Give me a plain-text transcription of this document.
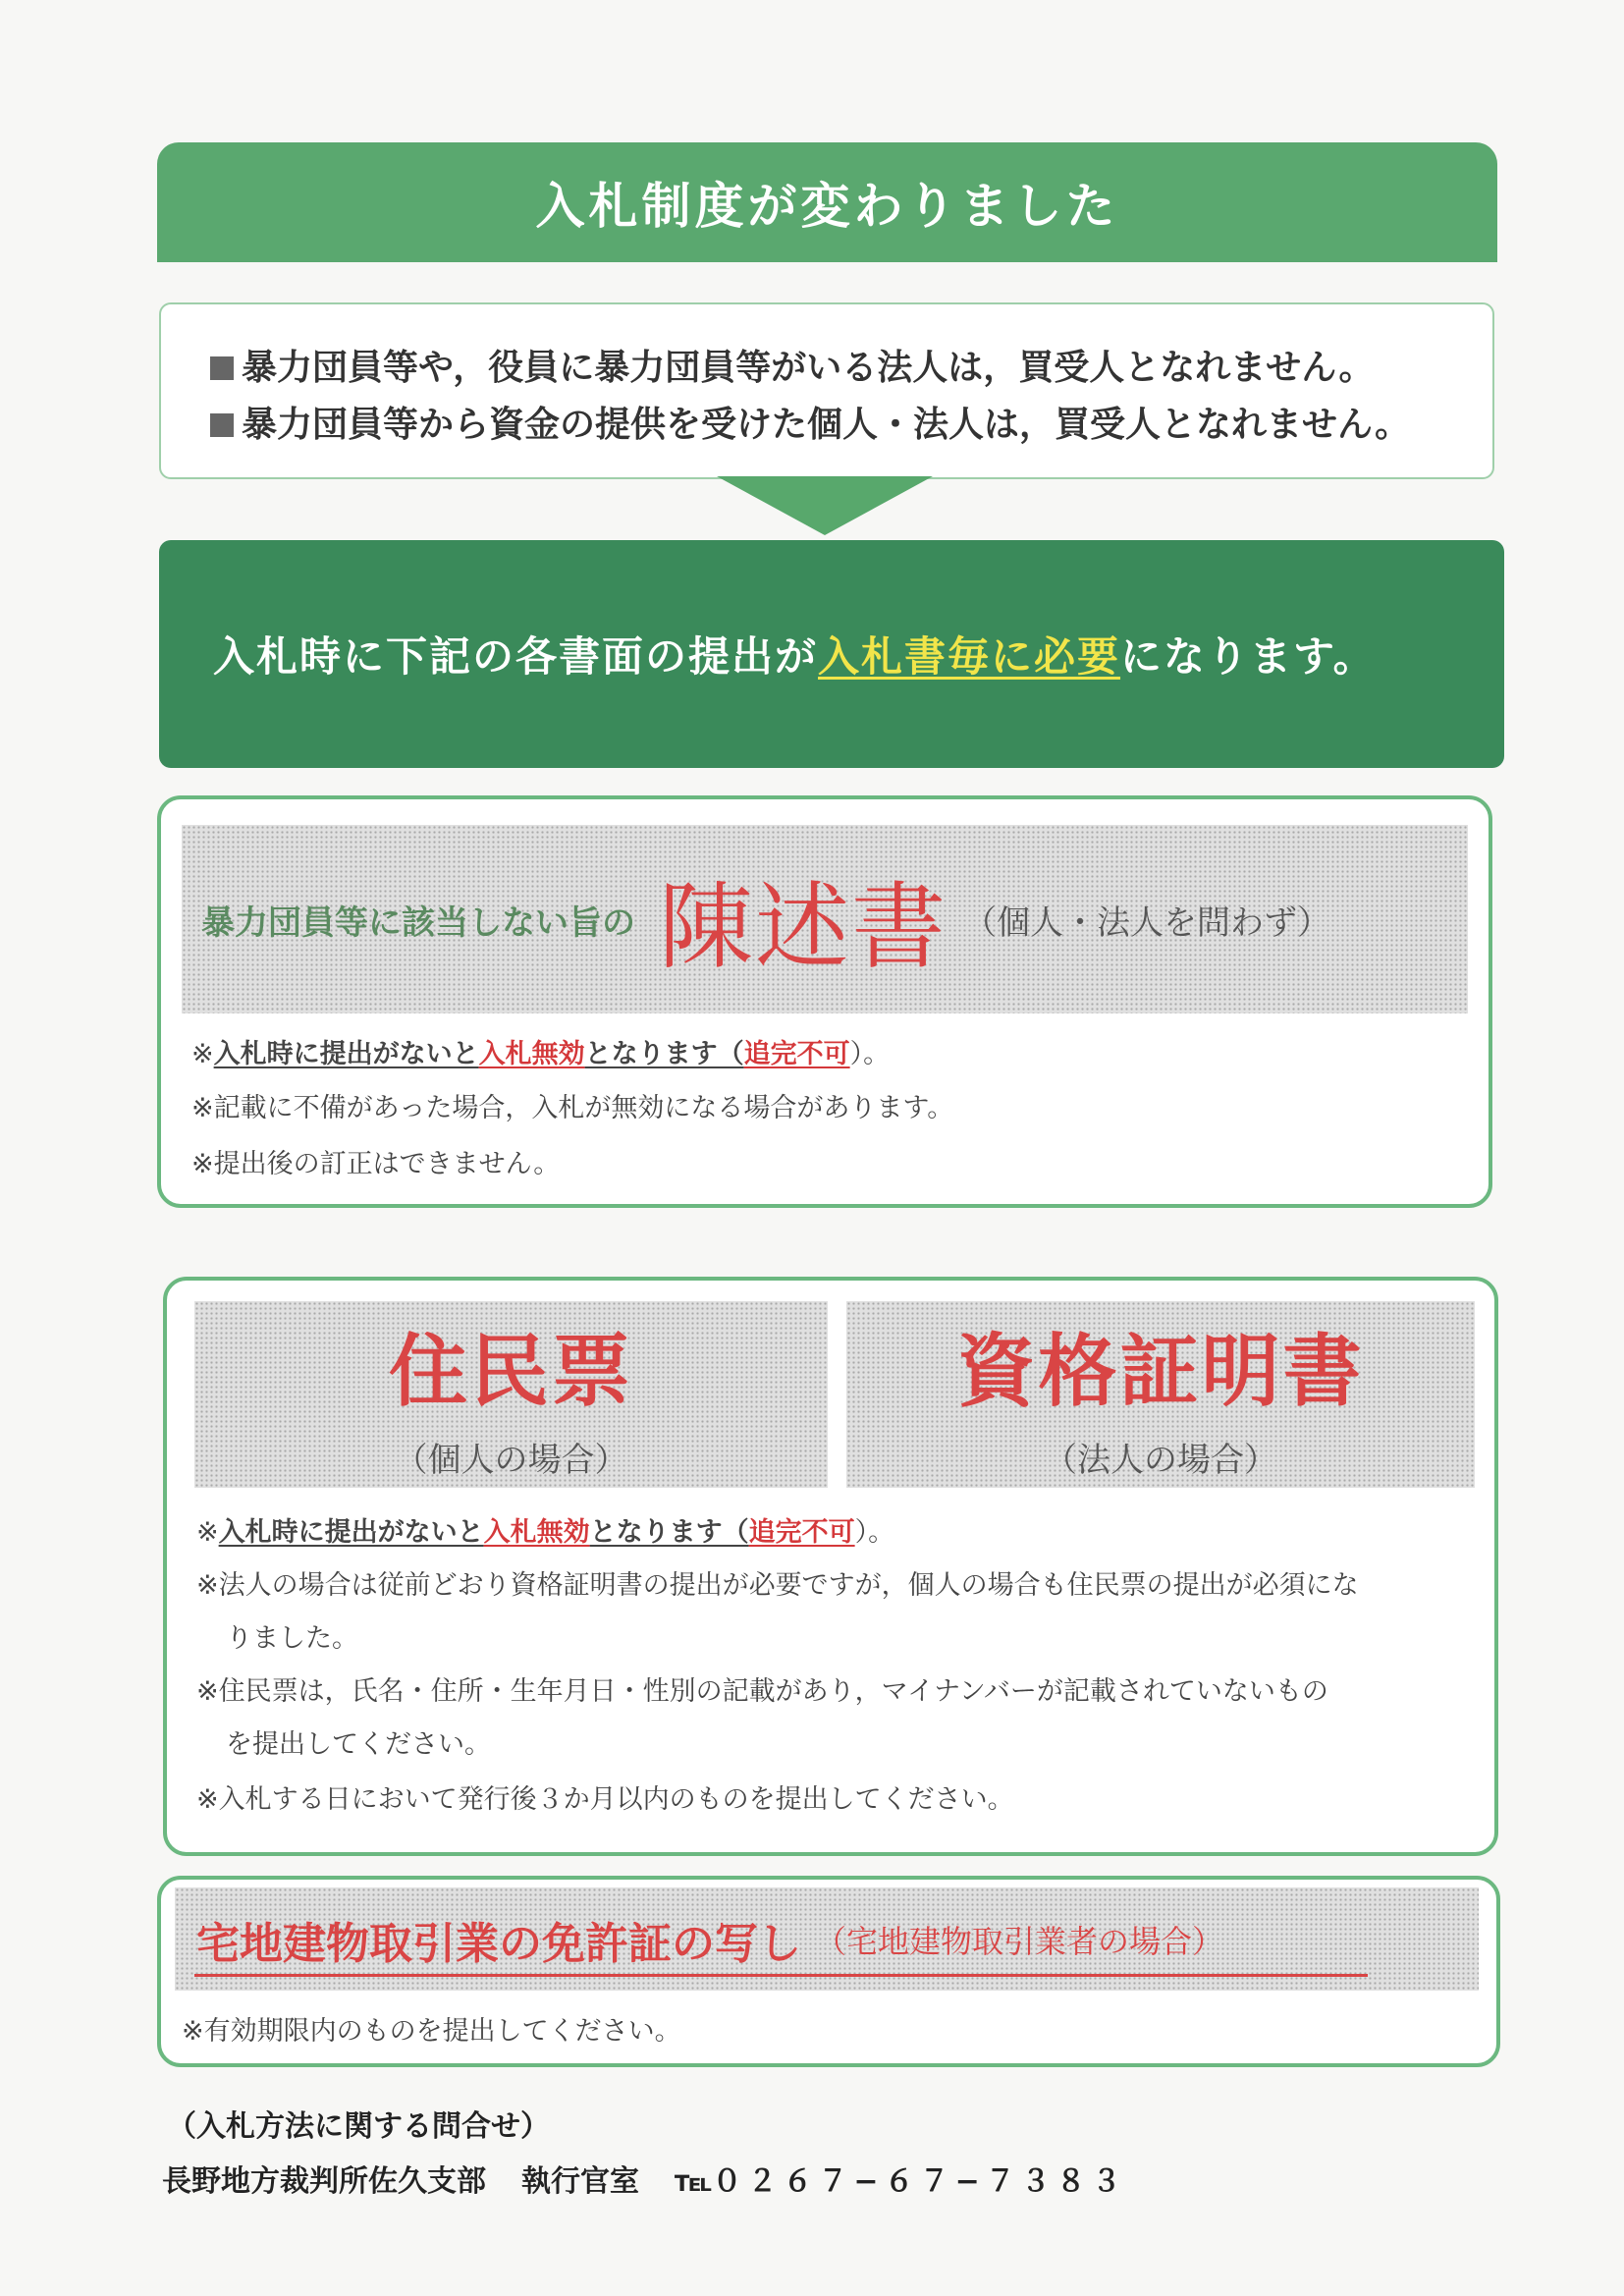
入札制度が変わりました
暴力団員等や，役員に暴力団員等がいる法人は，買受人となれません。
暴力団員等から資金の提供を受けた個人・法人は，買受人となれません。
入札時に下記の各書面の提出が入札書毎に必要になります。
暴力団員等に該当しない旨の 陳述書 （個人・法人を問わず）
※入札時に提出がないと入札無効となります（追完不可）。
※記載に不備があった場合，入札が無効になる場合があります。
※提出後の訂正はできません。
住民票
（個人の場合）
資格証明書
（法人の場合）
※入札時に提出がないと入札無効となります（追完不可）。
※法人の場合は従前どおり資格証明書の提出が必要ですが，個人の場合も住民票の提出が必須にな
りました。
※住民票は，氏名・住所・生年月日・性別の記載があり，マイナンバーが記載されていないもの
を提出してください。
※入札する日において発行後３か月以内のものを提出してください。
宅地建物取引業の免許証の写し （宅地建物取引業者の場合）
※有効期限内のものを提出してください。
（入札方法に関する問合せ）
長野地方裁判所佐久支部 執行官室 ℡０２６７−６７−７３８３
